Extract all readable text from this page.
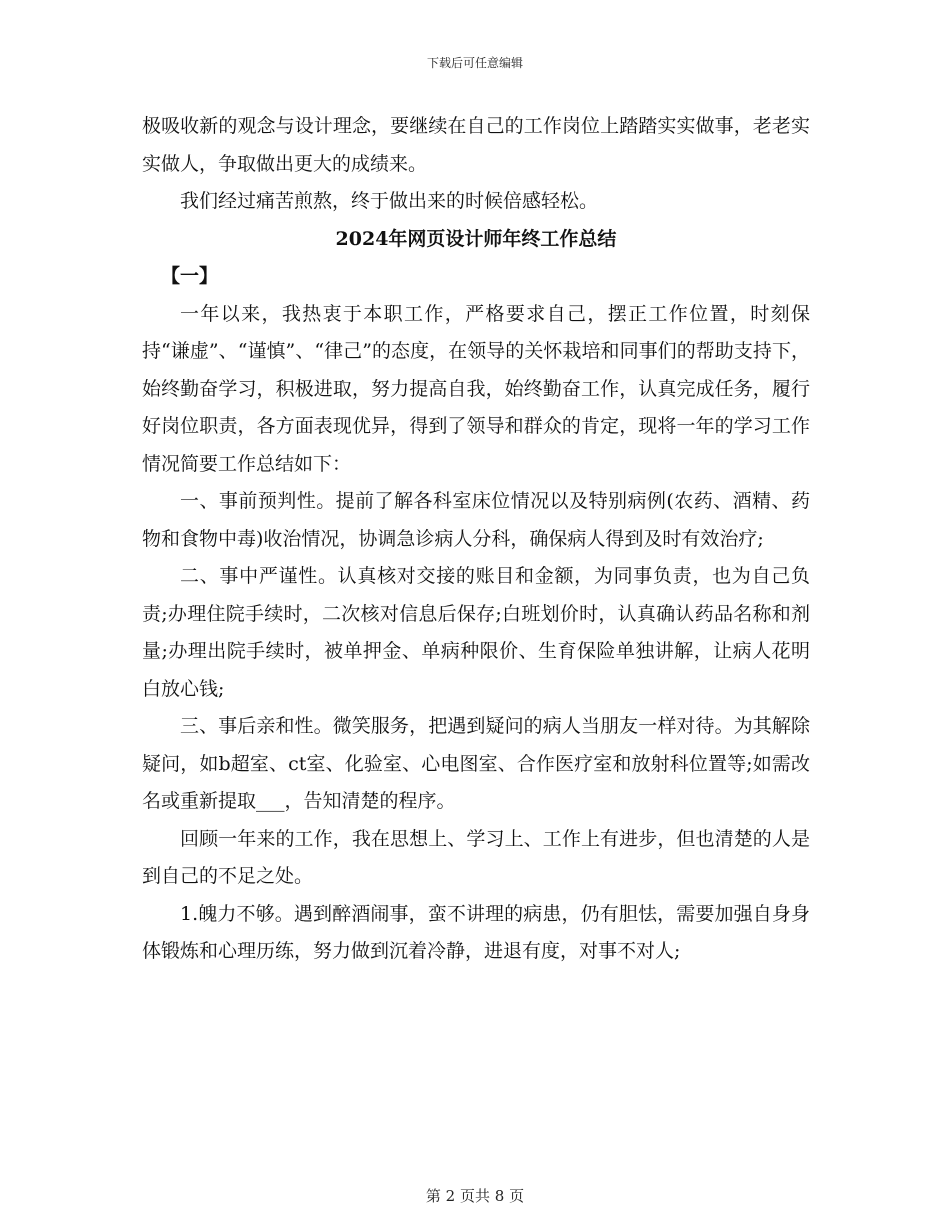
下载后可任意编辑

极吸收新的观念与设计理念，要继续在自己的工作岗位上踏踏实实做事，老老实实做人，争取做出更大的成绩来。

我们经过痛苦煎熬，终于做出来的时候倍感轻松。

2024年网页设计师年终工作总结

【一】

一年以来，我热衷于本职工作，严格要求自己，摆正工作位置，时刻保持“谦虚”、“谨慎”、“律己”的态度，在领导的关怀栽培和同事们的帮助支持下，始终勤奋学习，积极进取，努力提高自我，始终勤奋工作，认真完成任务，履行好岗位职责，各方面表现优异，得到了领导和群众的肯定，现将一年的学习工作情况简要工作总结如下：

一、事前预判性。提前了解各科室床位情况以及特别病例(农药、酒精、药物和食物中毒)收治情况，协调急诊病人分科，确保病人得到及时有效治疗;

二、事中严谨性。认真核对交接的账目和金额，为同事负责，也为自己负责;办理住院手续时，二次核对信息后保存;白班划价时，认真确认药品名称和剂量;办理出院手续时，被单押金、单病种限价、生育保险单独讲解，让病人花明白放心钱;

三、事后亲和性。微笑服务，把遇到疑问的病人当朋友一样对待。为其解除疑问，如b超室、ct室、化验室、心电图室、合作医疗室和放射科位置等;如需改名或重新提取___，告知清楚的程序。

回顾一年来的工作，我在思想上、学习上、工作上有进步，但也清楚的人是到自己的不足之处。

1.魄力不够。遇到醉酒闹事，蛮不讲理的病患，仍有胆怯，需要加强自身身体锻炼和心理历练，努力做到沉着冷静，进退有度，对事不对人;

第 2 页共 8 页
